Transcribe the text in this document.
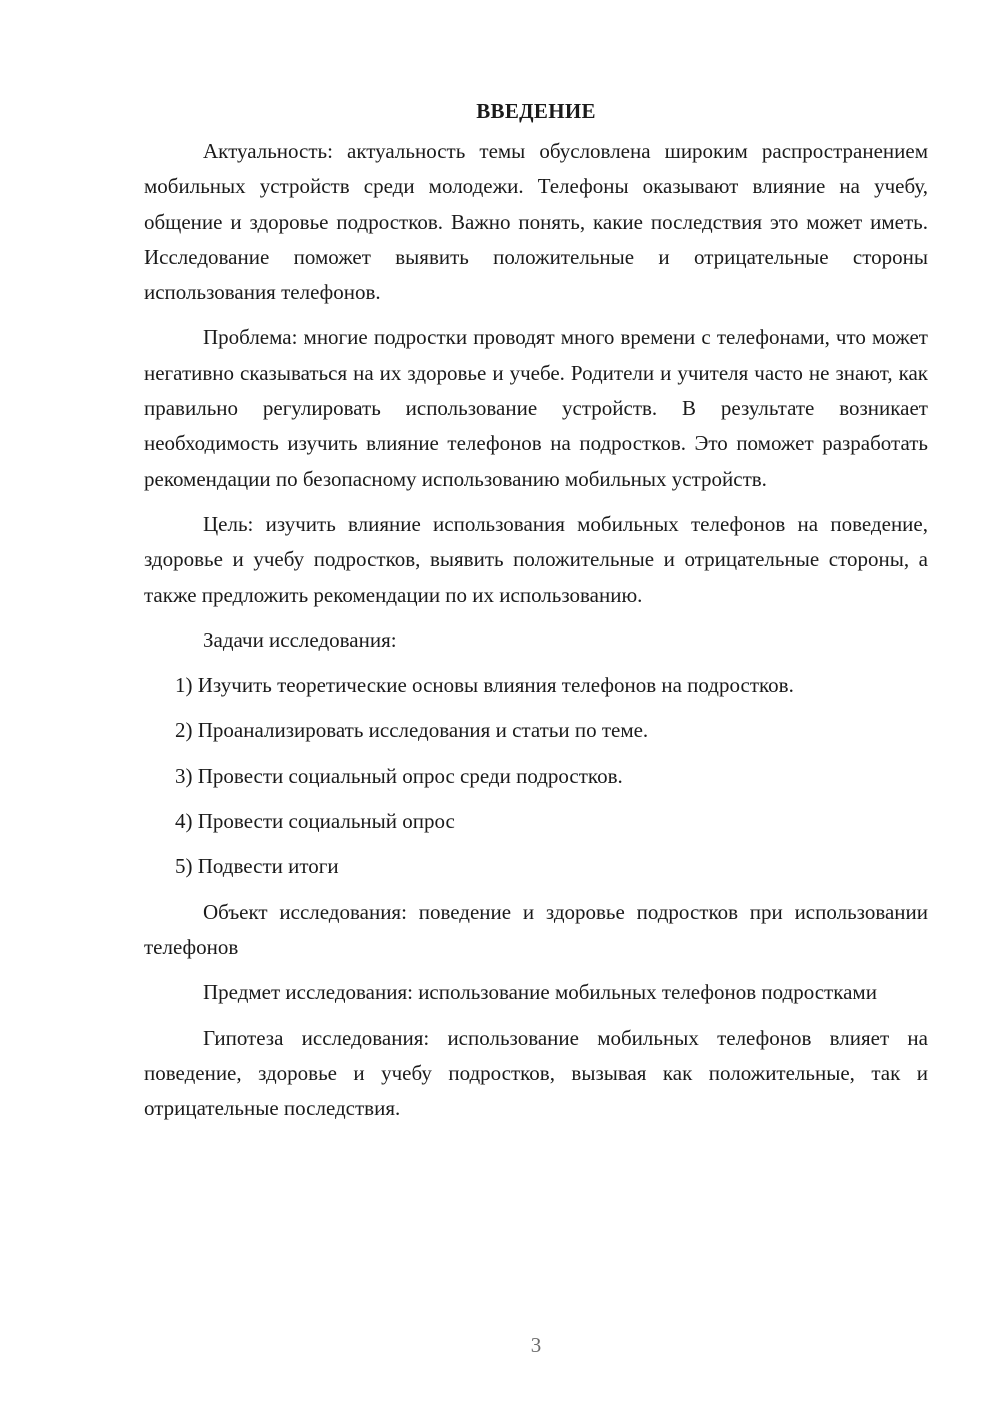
ВВЕДЕНИЕ

Актуальность: актуальность темы обусловлена широким распространением мобильных устройств среди молодежи. Телефоны оказывают влияние на учебу, общение и здоровье подростков. Важно понять, какие последствия это может иметь. Исследование поможет выявить положительные и отрицательные стороны использования телефонов.

Проблема: многие подростки проводят много времени с телефонами, что может негативно сказываться на их здоровье и учебе. Родители и учителя часто не знают, как правильно регулировать использование устройств. В результате возникает необходимость изучить влияние телефонов на подростков. Это поможет разработать рекомендации по безопасному использованию мобильных устройств.

Цель: изучить влияние использования мобильных телефонов на поведение, здоровье и учебу подростков, выявить положительные и отрицательные стороны, а также предложить рекомендации по их использованию.

Задачи исследования:

1) Изучить теоретические основы влияния телефонов на подростков.
2) Проанализировать исследования и статьи по теме.
3) Провести социальный опрос среди подростков.
4) Провести социальный опрос
5) Подвести итоги

Объект исследования: поведение и здоровье подростков при использовании телефонов

Предмет исследования: использование мобильных телефонов подростками

Гипотеза исследования: использование мобильных телефонов влияет на поведение, здоровье и учебу подростков, вызывая как положительные, так и отрицательные последствия.

3
